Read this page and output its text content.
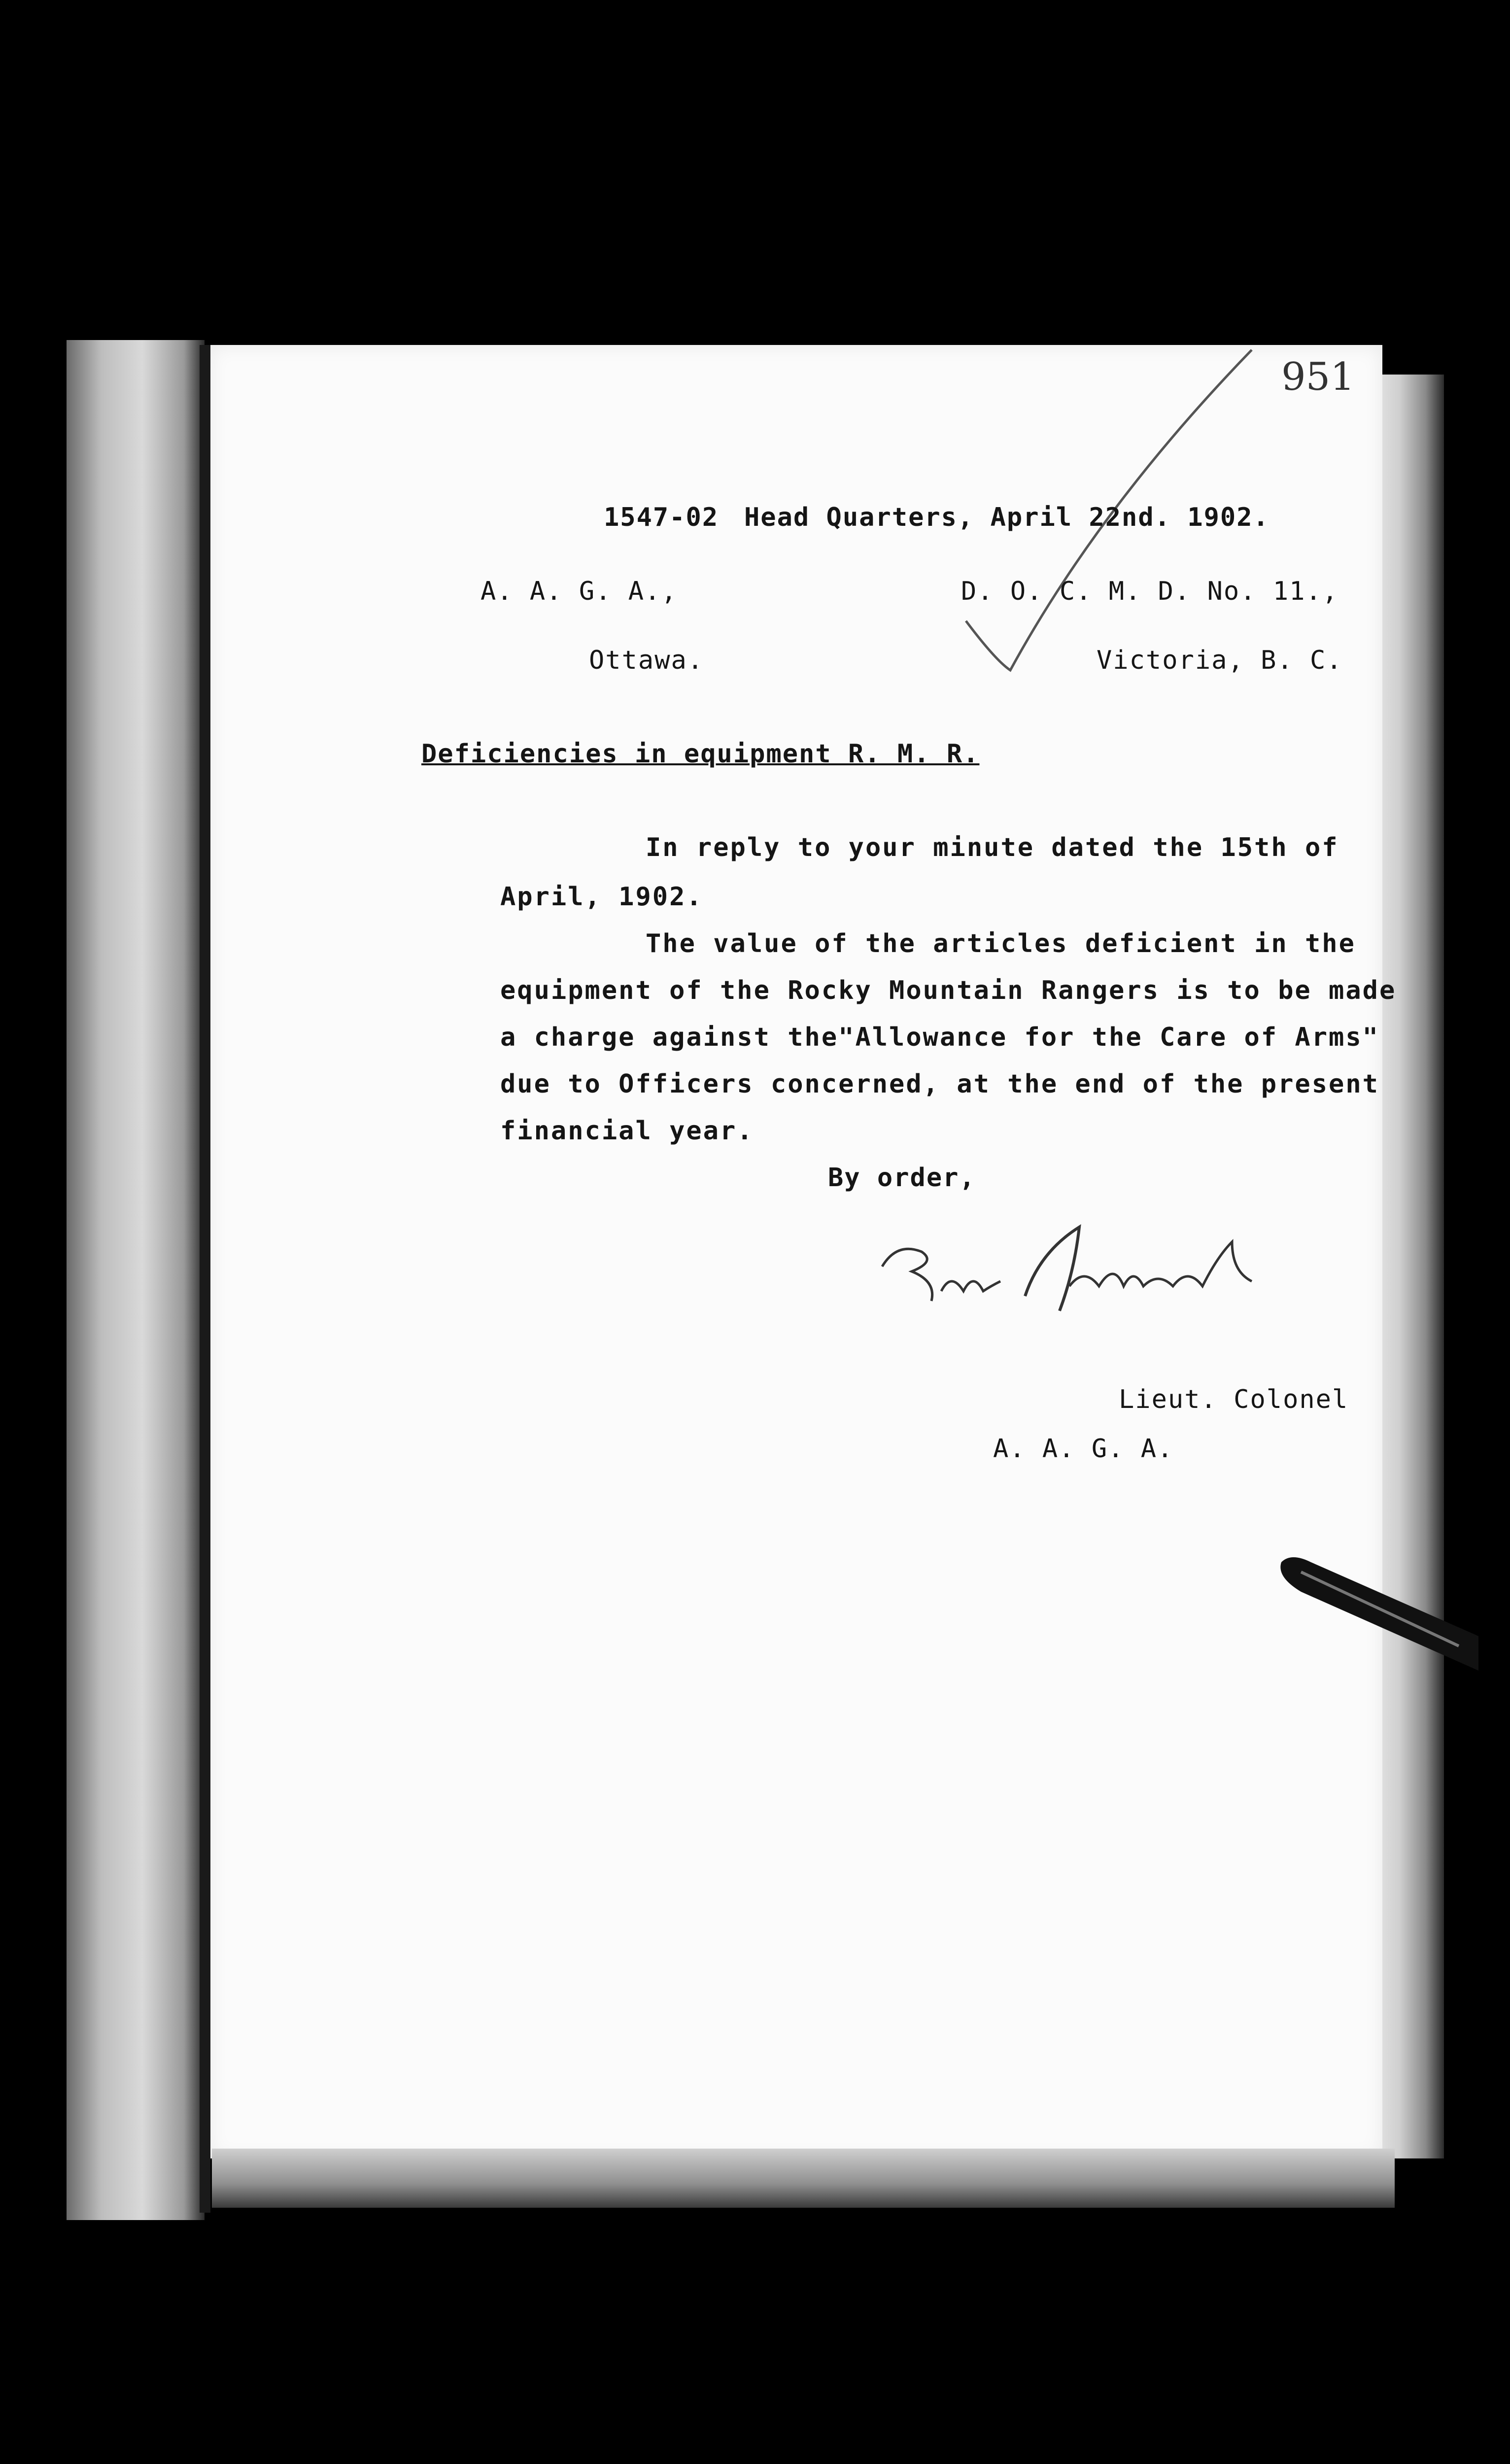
951
1547-02 Head Quarters, April 22nd. 1902.
A. A. G. A.,	D. O. C. M. D. No. 11.,
Ottawa.	Victoria, B. C.
Deficiencies in equipment R. M. R.
In reply to your minute dated the 15th of
April, 1902.
The value of the articles deficient in the
equipment of the Rocky Mountain Rangers is to be made
a charge against the"Allowance for the Care of Arms"
due to Officers concerned, at the end of the present
financial year.
By order,
Lieut. Colonel
A. A. G. A.
